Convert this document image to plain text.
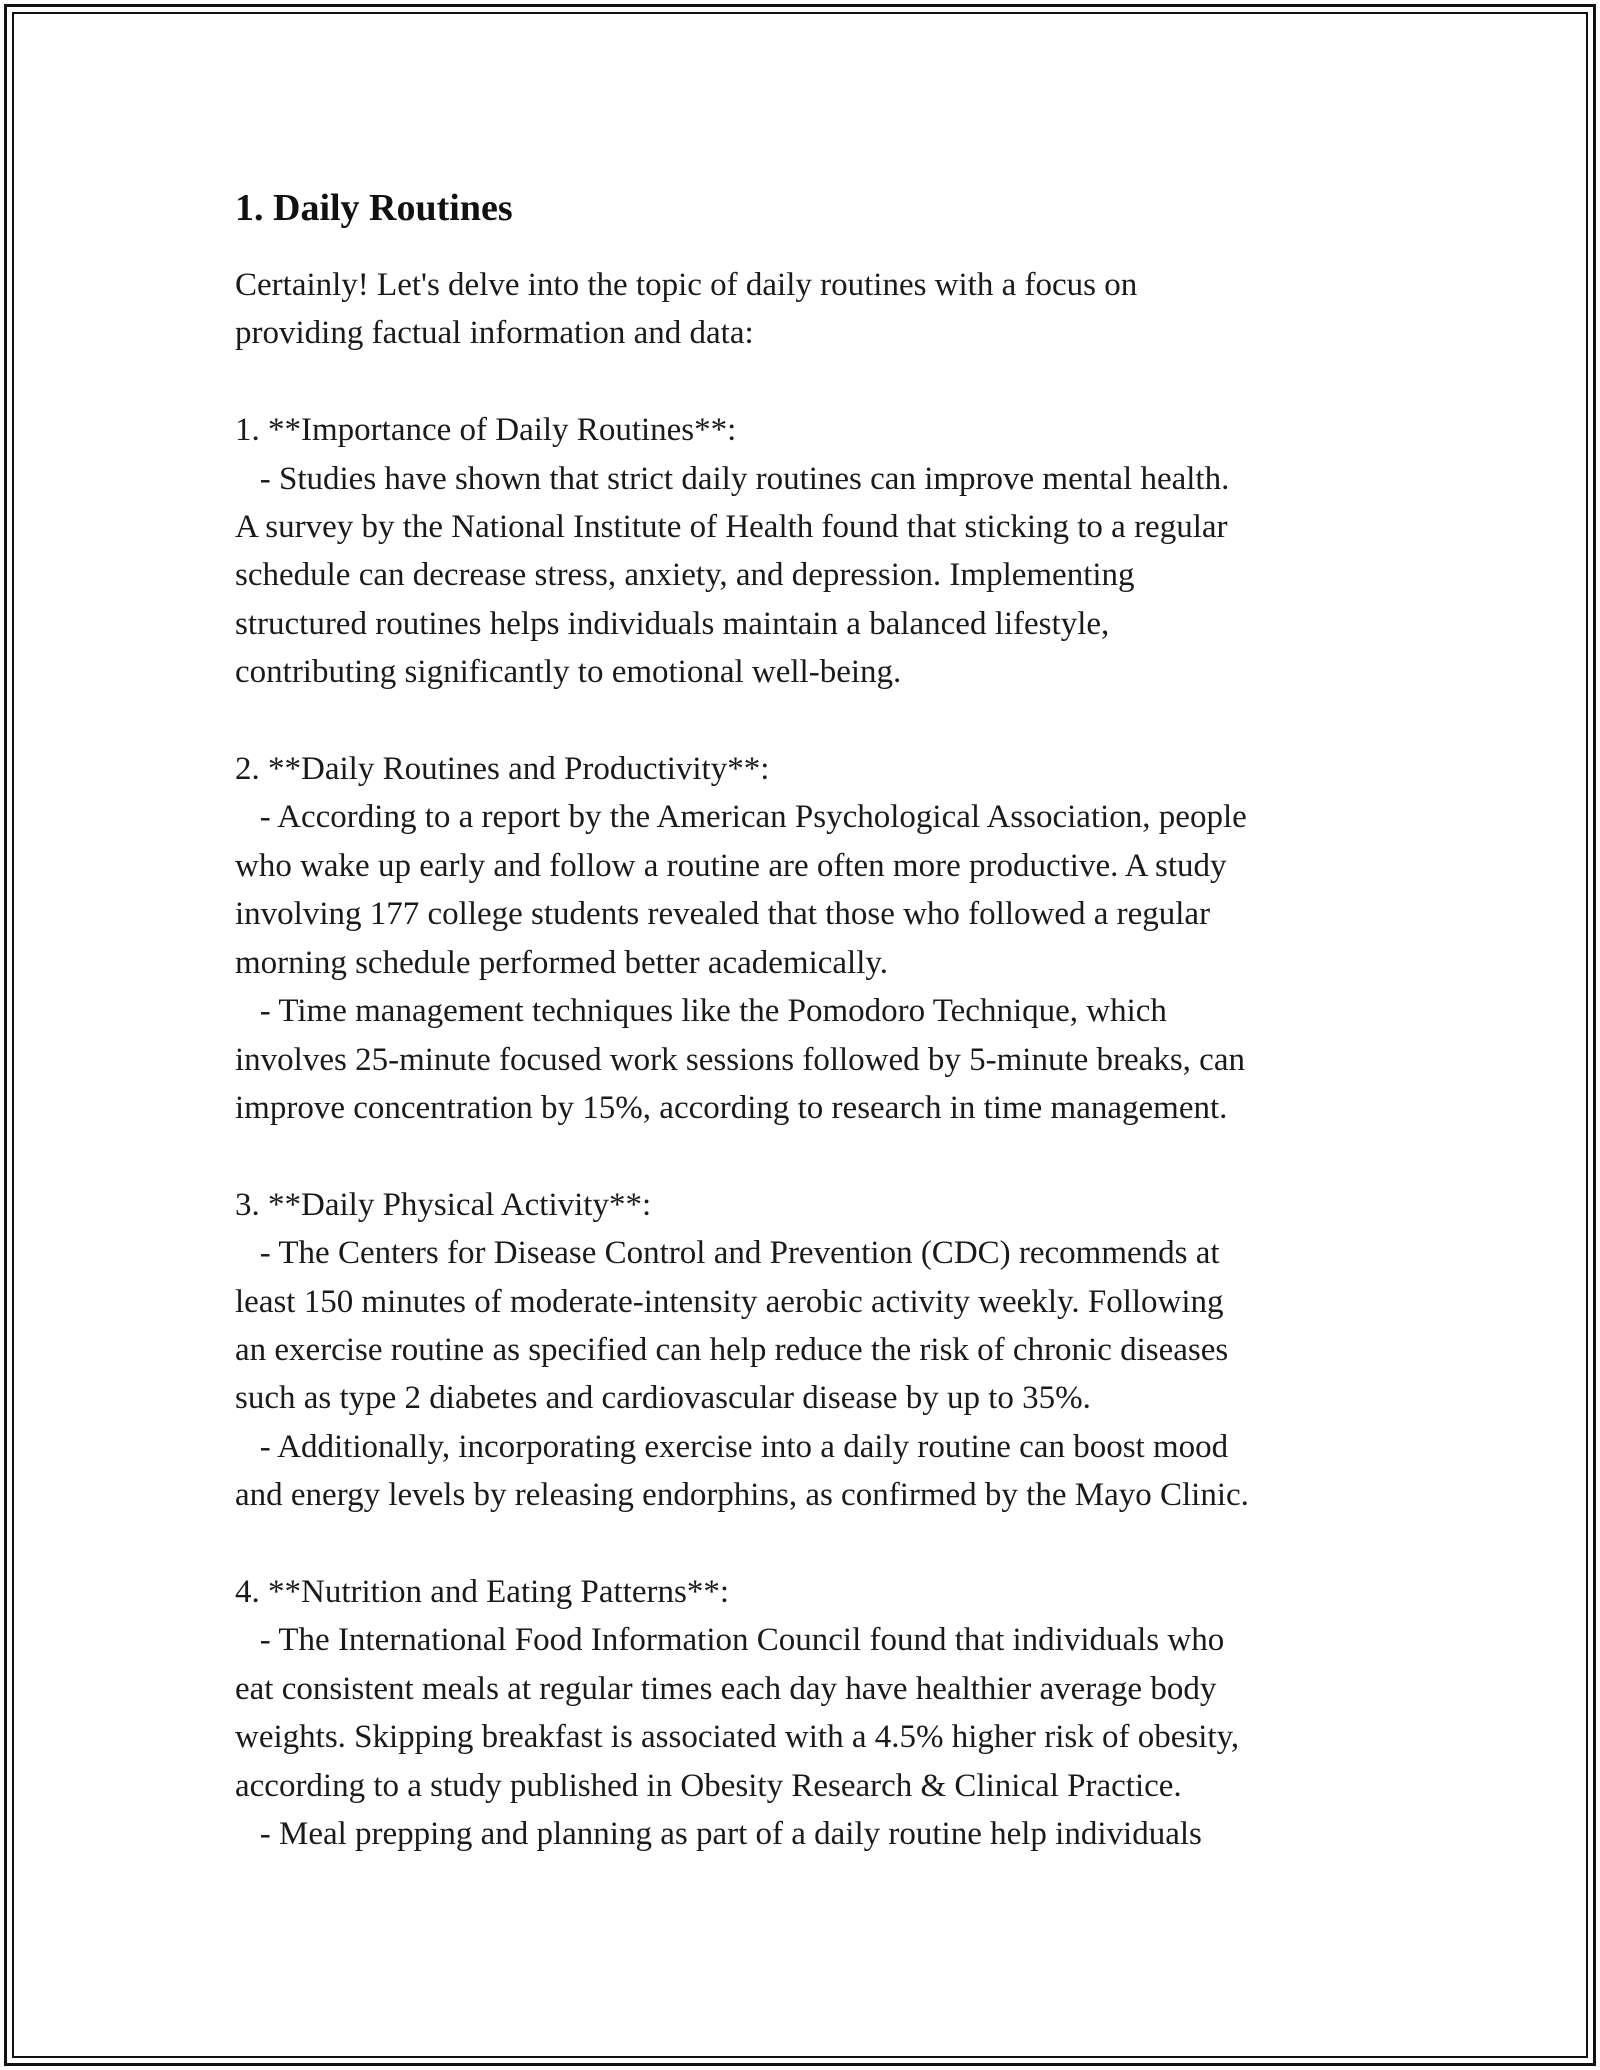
1. Daily Routines

Certainly! Let's delve into the topic of daily routines with a focus on
providing factual information and data:

1. **Importance of Daily Routines**:
- Studies have shown that strict daily routines can improve mental health.
A survey by the National Institute of Health found that sticking to a regular
schedule can decrease stress, anxiety, and depression. Implementing
structured routines helps individuals maintain a balanced lifestyle,
contributing significantly to emotional well-being.

2. **Daily Routines and Productivity**:
- According to a report by the American Psychological Association, people
who wake up early and follow a routine are often more productive. A study
involving 177 college students revealed that those who followed a regular
morning schedule performed better academically.
- Time management techniques like the Pomodoro Technique, which
involves 25-minute focused work sessions followed by 5-minute breaks, can
improve concentration by 15%, according to research in time management.

3. **Daily Physical Activity**:
- The Centers for Disease Control and Prevention (CDC) recommends at
least 150 minutes of moderate-intensity aerobic activity weekly. Following
an exercise routine as specified can help reduce the risk of chronic diseases
such as type 2 diabetes and cardiovascular disease by up to 35%.
- Additionally, incorporating exercise into a daily routine can boost mood
and energy levels by releasing endorphins, as confirmed by the Mayo Clinic.

4. **Nutrition and Eating Patterns**:
- The International Food Information Council found that individuals who
eat consistent meals at regular times each day have healthier average body
weights. Skipping breakfast is associated with a 4.5% higher risk of obesity,
according to a study published in Obesity Research & Clinical Practice.
- Meal prepping and planning as part of a daily routine help individuals
